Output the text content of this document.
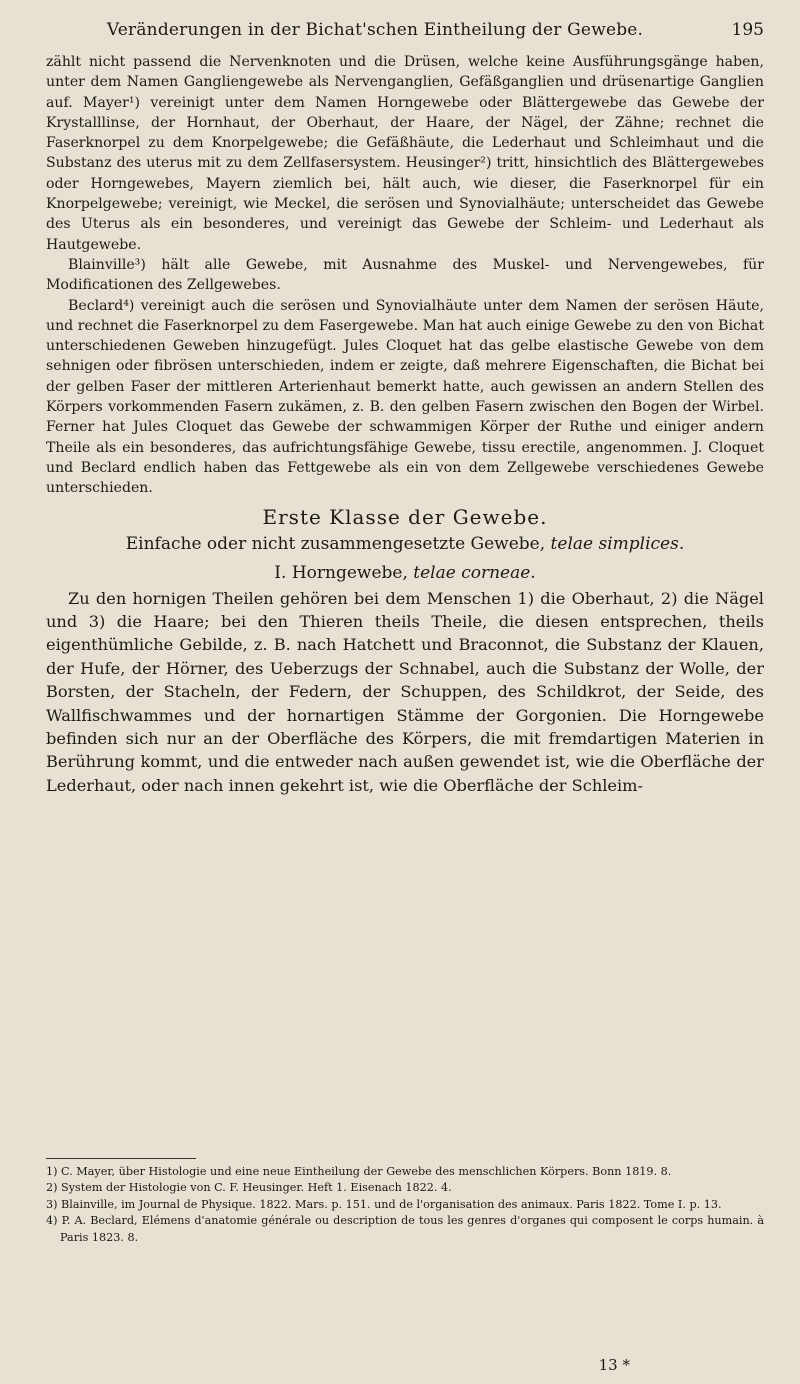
Veränderungen in der Bichat'schen Eintheilung der Gewebe.	195

zählt nicht passend die Nervenknoten und die Drüsen, welche keine Ausführungsgänge haben, unter dem Namen Gangliengewebe als Nervenganglien, Gefäßganglien und drüsenartige Ganglien auf. Mayer¹) vereinigt unter dem Namen Horngewebe oder Blättergewebe das Gewebe der Krystalllinse, der Hornhaut, der Oberhaut, der Haare, der Nägel, der Zähne; rechnet die Faserknorpel zu dem Knorpelgewebe; die Gefäßhäute, die Lederhaut und Schleimhaut und die Substanz des uterus mit zu dem Zellfasersystem. Heusinger²) tritt, hinsichtlich des Blättergewebes oder Horngewebes, Mayern ziemlich bei, hält auch, wie dieser, die Faserknorpel für ein Knorpelgewebe; vereinigt, wie Meckel, die serösen und Synovialhäute; unterscheidet das Gewebe des Uterus als ein besonderes, und vereinigt das Gewebe der Schleim- und Lederhaut als Hautgewebe.

Blainville³) hält alle Gewebe, mit Ausnahme des Muskel- und Nervengewebes, für Modificationen des Zellgewebes.

Beclard⁴) vereinigt auch die serösen und Synovialhäute unter dem Namen der serösen Häute, und rechnet die Faserknorpel zu dem Fasergewebe. Man hat auch einige Gewebe zu den von Bichat unterschiedenen Geweben hinzugefügt. Jules Cloquet hat das gelbe elastische Gewebe von dem sehnigen oder fibrösen unterschieden, indem er zeigte, daß mehrere Eigenschaften, die Bichat bei der gelben Faser der mittleren Arterienhaut bemerkt hatte, auch gewissen an andern Stellen des Körpers vorkommenden Fasern zukämen, z. B. den gelben Fasern zwischen den Bogen der Wirbel. Ferner hat Jules Cloquet das Gewebe der schwammigen Körper der Ruthe und einiger andern Theile als ein besonderes, das aufrichtungsfähige Gewebe, tissu erectile, angenommen. J. Cloquet und Beclard endlich haben das Fettgewebe als ein von dem Zellgewebe verschiedenes Gewebe unterschieden.

Erste Klasse der Gewebe.
Einfache oder nicht zusammengesetzte Gewebe, telae simplices.
I. Horngewebe, telae corneae.

Zu den hornigen Theilen gehören bei dem Menschen 1) die Oberhaut, 2) die Nägel und 3) die Haare; bei den Thieren theils Theile, die diesen entsprechen, theils eigenthümliche Gebilde, z. B. nach Hatchett und Braconnot, die Substanz der Klauen, der Hufe, der Hörner, des Ueberzugs der Schnabel, auch die Substanz der Wolle, der Borsten, der Stacheln, der Federn, der Schuppen, des Schildkrot, der Seide, des Wallfischwammes und der hornartigen Stämme der Gorgonien. Die Horngewebe befinden sich nur an der Oberfläche des Körpers, die mit fremdartigen Materien in Berührung kommt, und die entweder nach außen gewendet ist, wie die Oberfläche der Lederhaut, oder nach innen gekehrt ist, wie die Oberfläche der Schleim-

1) C. Mayer, über Histologie und eine neue Eintheilung der Gewebe des menschlichen Körpers. Bonn 1819. 8.

2) System der Histologie von C. F. Heusinger. Heft 1. Eisenach 1822. 4.

3) Blainville, im Journal de Physique. 1822. Mars. p. 151. und de l'organisation des animaux. Paris 1822. Tome I. p. 13.

4) P. A. Beclard, Elémens d'anatomie générale ou description de tous les genres d'organes qui composent le corps humain. à Paris 1823. 8.

13 *
